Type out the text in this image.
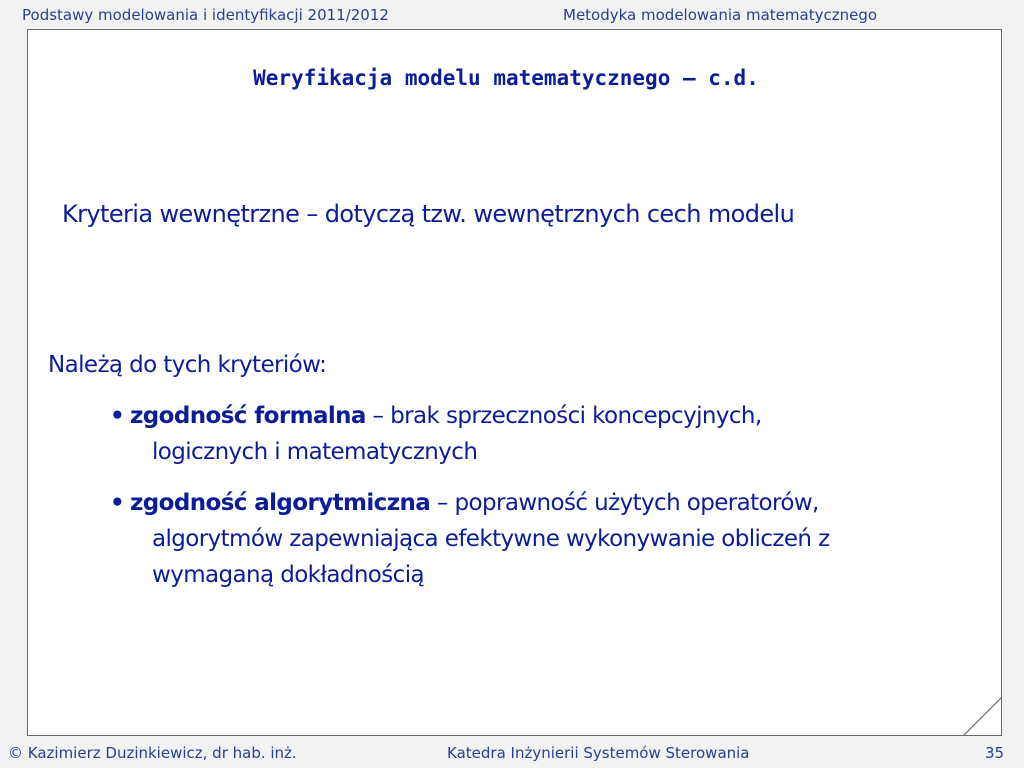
Podstawy modelowania i identyfikacji 2011/2012	Metodyka modelowania matematycznego
Weryfikacja modelu matematycznego – c.d.
Kryteria wewnętrzne – dotyczą tzw. wewnętrznych cech modelu
Należą do tych kryteriów:
• zgodność formalna – brak sprzeczności koncepcyjnych,
logicznych i matematycznych
• zgodność algorytmiczna – poprawność użytych operatorów,
algorytmów zapewniająca efektywne wykonywanie obliczeń z
wymaganą dokładnością
© Kazimierz Duzinkiewicz, dr hab. inż.	Katedra Inżynierii Systemów Sterowania	35
